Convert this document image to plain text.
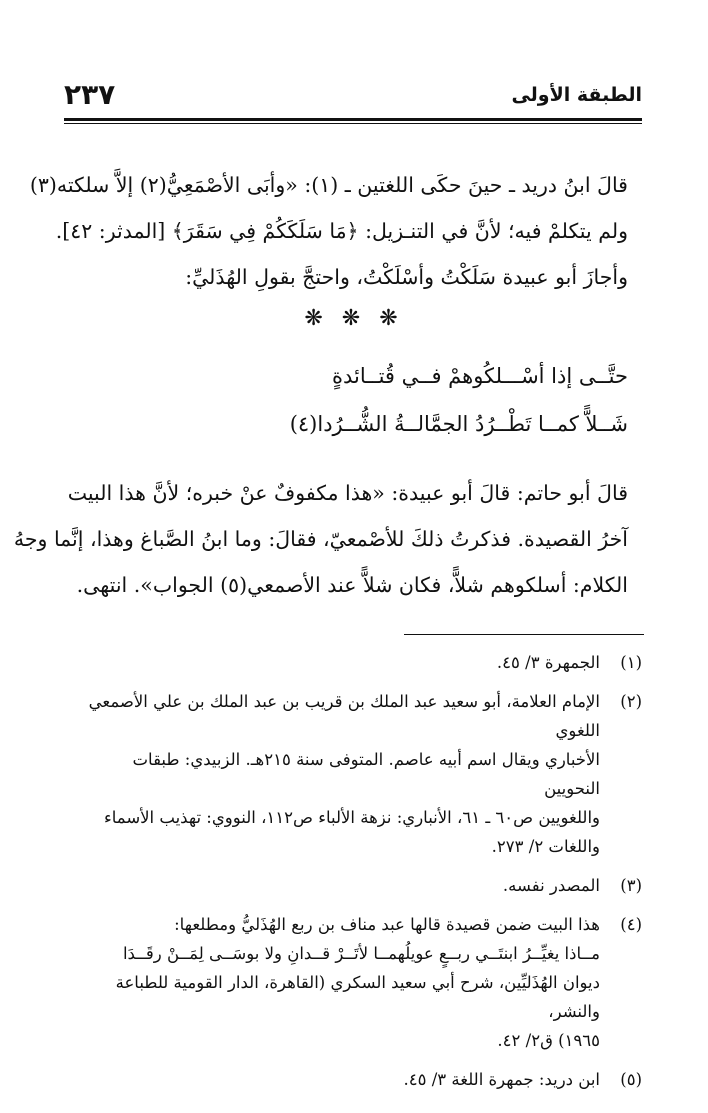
الطبقة الأولى
٢٣٧
قالَ ابنُ دريد ـ حينَ حكَى اللغتين ـ (١): «وأبَى الأصْمَعِيُّ(٢) إلاَّ سلكته(٣)
ولم يتكلمْ فيه؛ لأنَّ في التنـزيل: ﴿مَا سَلَكَكُمْ فِي سَقَرَ﴾ [المدثر: ٤٢].
وأجازَ أبو عبيدة سَلَكْتُ وأسْلَكْتُ، واحتجَّ بقولِ الهُذَليِّ:
❋ ❋ ❋
حتَّــى إذا أسْـــلكُوهمْ فــي قُتــائدةٍ
شَــلاًّ كمــا تَطْــرُدُ الجمَّالــةُ الشُّــرُدا(٤)
قالَ أبو حاتم: قالَ أبو عبيدة: «هذا مكفوفٌ عنْ خبره؛ لأنَّ هذا البيت
آخرُ القصيدة. فذكرتُ ذلكَ للأصْمعيّ، فقالَ: وما ابنُ الصَّباغ وهذا، إنَّما وجهُ
الكلام: أسلكوهم شلاًّ، فكان شلاًّ عند الأصمعي(٥) الجواب». انتهى.
( ١ )
الجمهرة ٣/ ٤٥.
( ٢ )
الإمام العلامة، أبو سعيد عبد الملك بن قريب بن عبد الملك بن علي الأصمعي اللغوي
الأخباري ويقال اسم أبيه عاصم. المتوفى سنة ٢١٥هـ. الزبيدي: طبقات النحويين
واللغويين ص٦٠ ـ ٦١، الأنباري: نزهة الألباء ص١١٢، النووي: تهذيب الأسماء
واللغات ٢/ ٢٧٣.
( ٣ )
المصدر نفسه.
( ٤ )
هذا البيت ضمن قصيدة قالها عبد مناف بن ربع الهُذَليُّ ومطلعها:
مــاذا يغيِّــرُ ابنتَــي ربــعٍ عويلُهمــا لأتَــرْ قــدانِ ولا بوسَــى لِمَــنْ رقَــدَا
ديوان الهُذَليِّين، شرح أبي سعيد السكري (القاهرة، الدار القومية للطباعة والنشر،
١٩٦٥) ق٢/ ٤٢.
( ٥ )
ابن دريد: جمهرة اللغة ٣/ ٤٥.
